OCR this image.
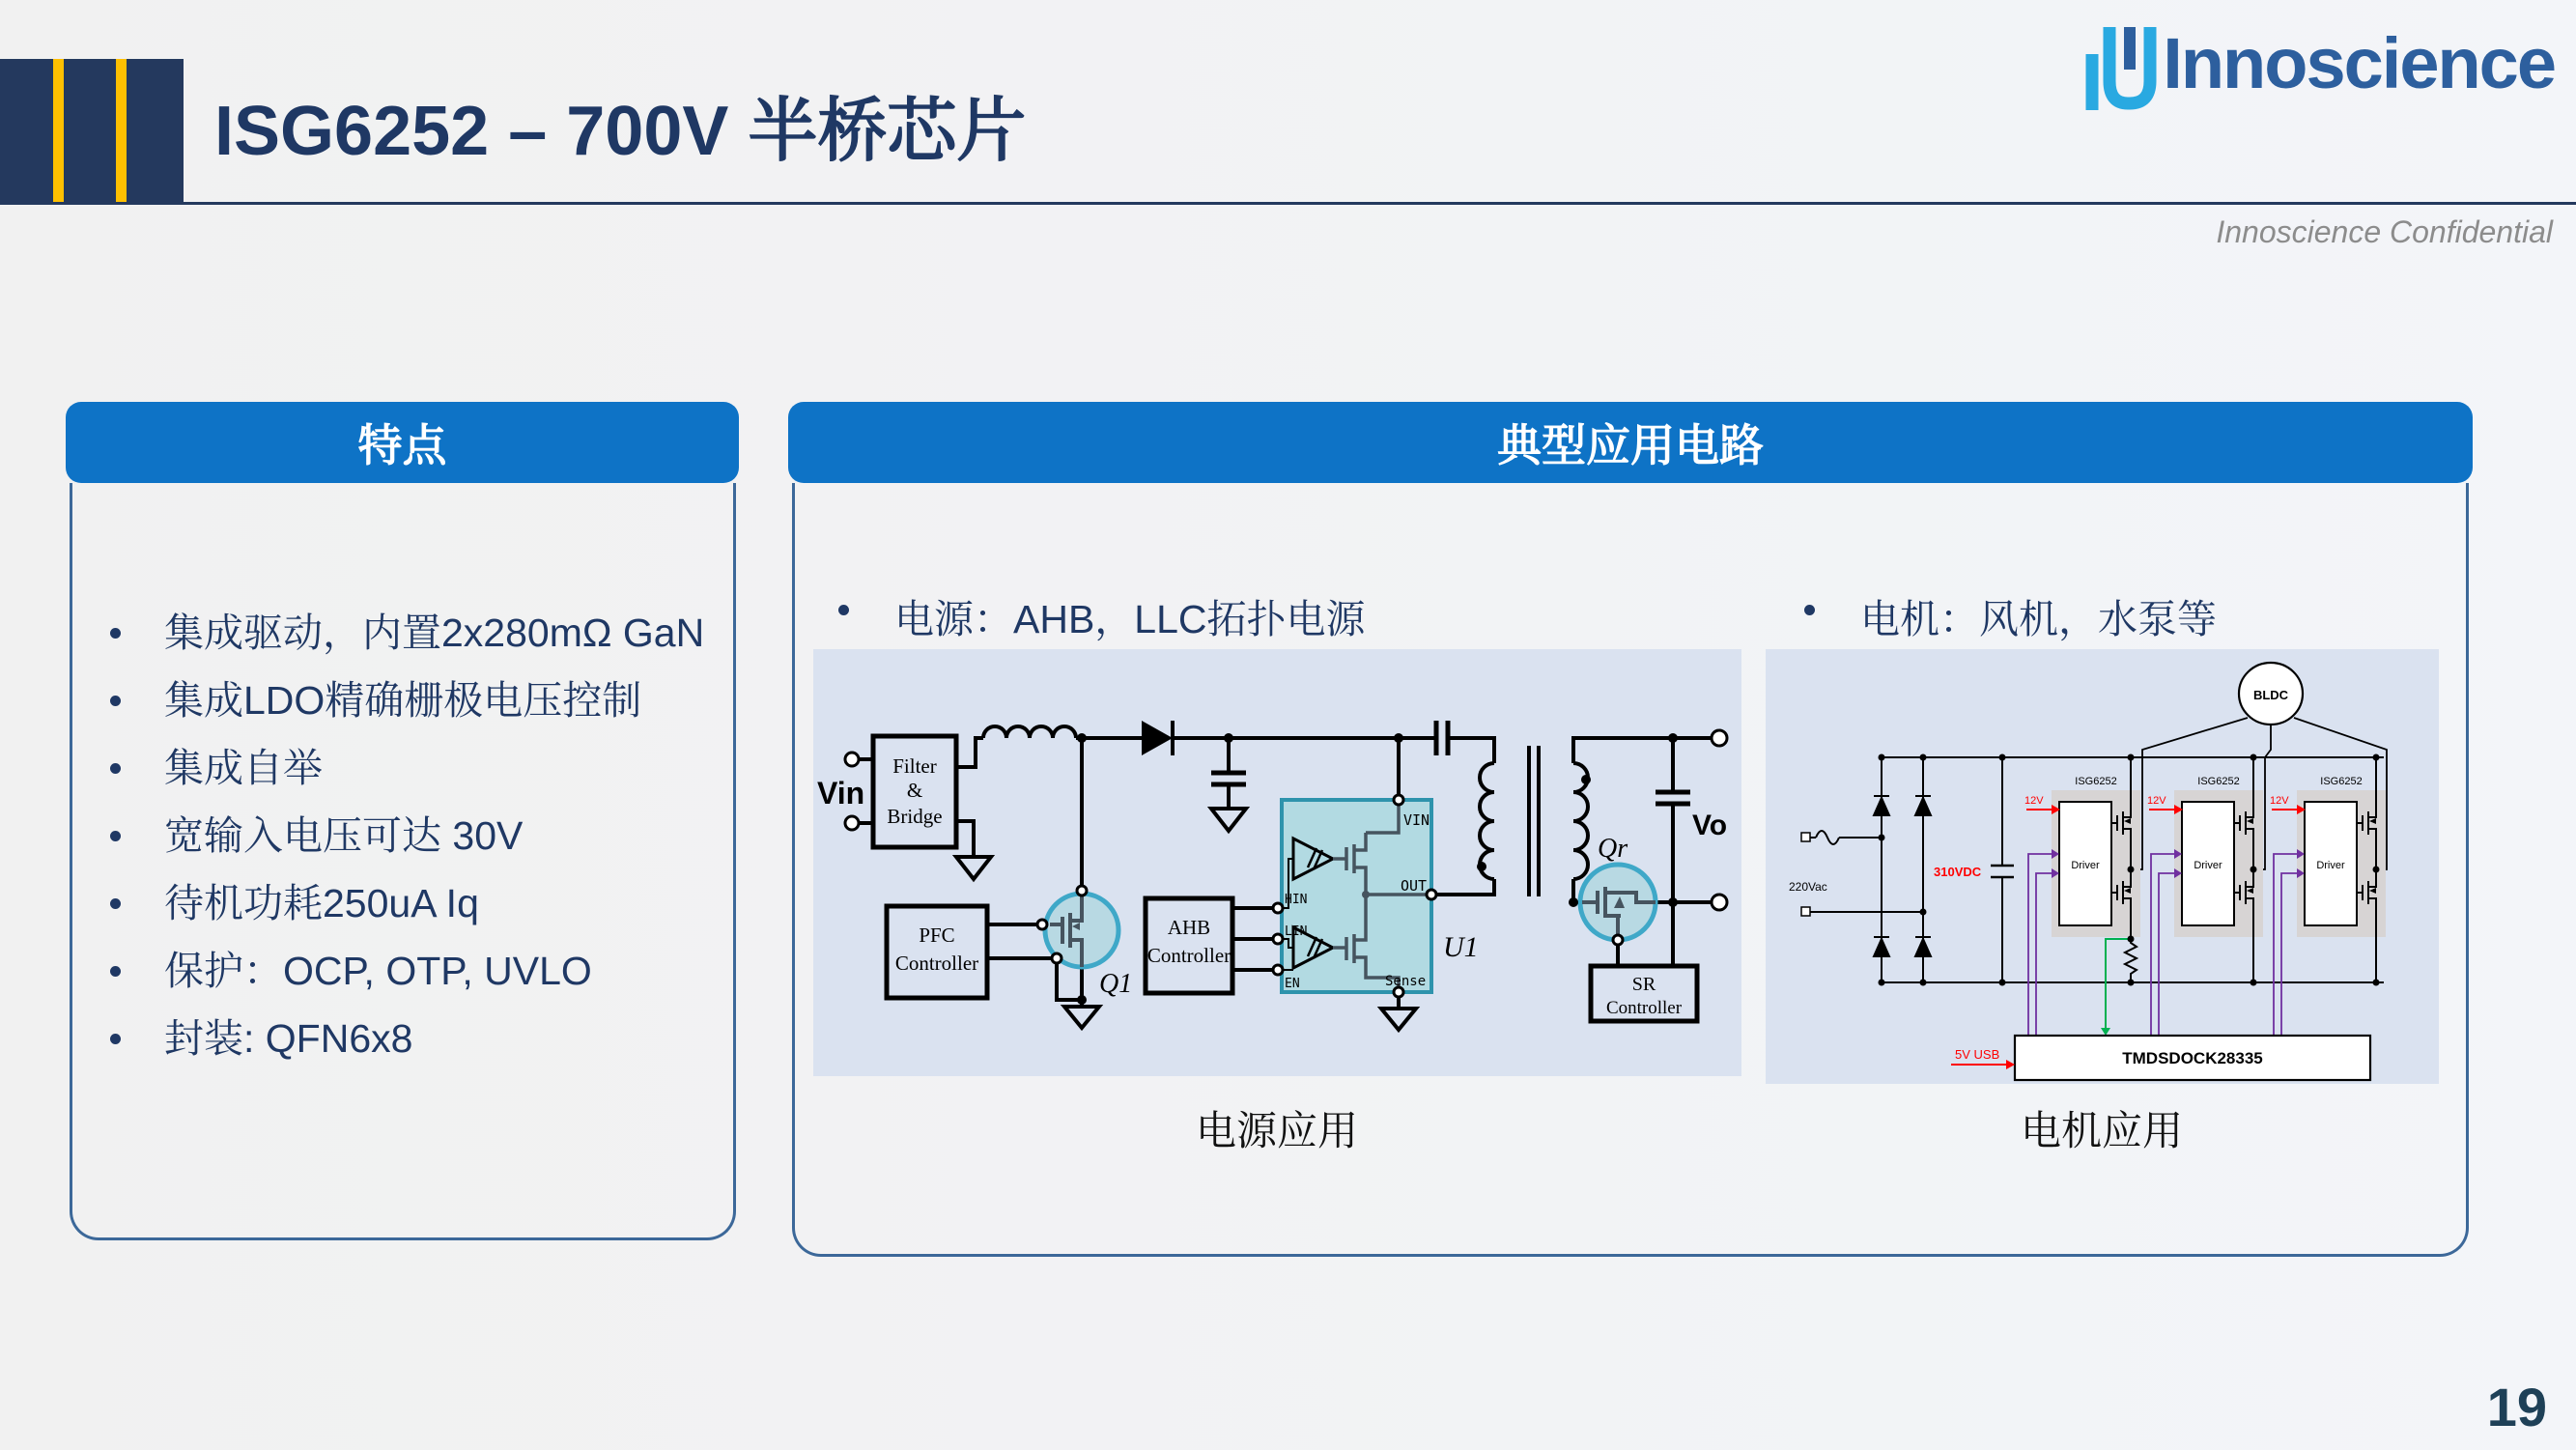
ISG6252 – 700V 半桥芯片
Innoscience
Innoscience Confidential
特点
集成驱动，内置2x280mΩ GaN
集成LDO精确栅极电压控制
集成自举
宽输入电压可达 30V
待机功耗250uA Iq
保护：OCP, OTP, UVLO
封装: QFN6x8
典型应用电路
电源：AHB，LLC拓扑电源	电机：风机，水泵等
Vin
Vo
Filter
&
Bridge
PFC
Controller
AHB
Controller
SR
Controller
Q1
Qr
U1
VIN
OUT
Sense
HIN
LIN
EN
BLDC
Driver
ISG6252
Driver
ISG6252
Driver
ISG6252
12V	12V	12V
TMDSDOCK28335
5V USB
220Vac
310VDC
电源应用	电机应用
19
